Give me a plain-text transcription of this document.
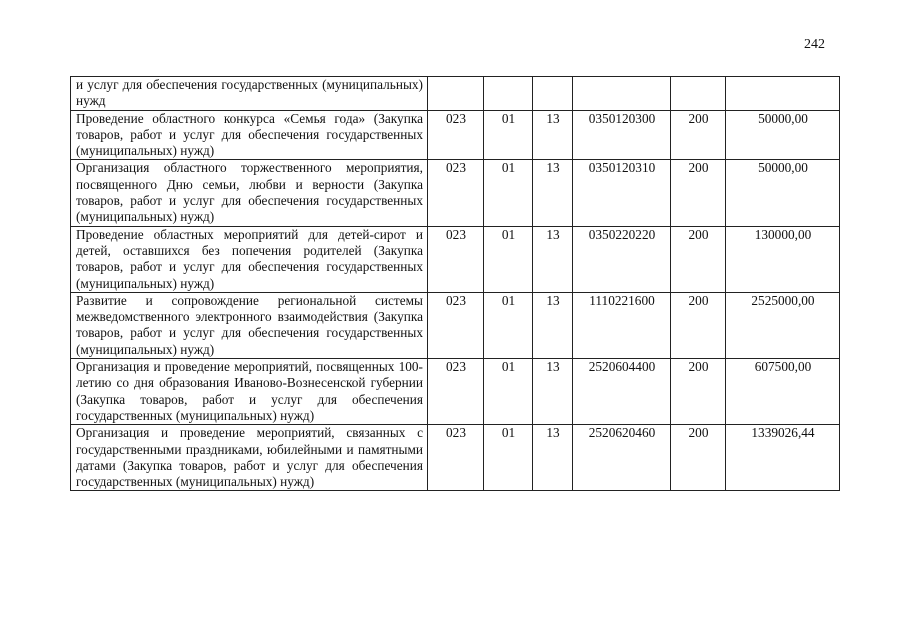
242
и услуг для обеспечения государственных (муниципальных) нужд						
Проведение областного конкурса «Семья года» (Закупка товаров, работ и услуг для обеспечения государственных (муниципальных) нужд)	023	01	13	0350120300	200	50000,00
Организация областного торжественного мероприятия, посвященного Дню семьи, любви и верности (Закупка товаров, работ и услуг для обеспечения государственных (муниципальных) нужд)	023	01	13	0350120310	200	50000,00
Проведение областных мероприятий для детей-сирот и детей, оставшихся без попечения родителей (Закупка товаров, работ и услуг для обеспечения государственных (муниципальных) нужд)	023	01	13	0350220220	200	130000,00
Развитие и сопровождение региональной системы межведомственного электронного взаимодействия (Закупка товаров, работ и услуг для обеспечения государственных (муниципальных) нужд)	023	01	13	1110221600	200	2525000,00
Организация и проведение мероприятий, посвященных 100-летию со дня образования Иваново-Вознесенской губернии (Закупка товаров, работ и услуг для обеспечения государственных (муниципальных) нужд)	023	01	13	2520604400	200	607500,00
Организация и проведение мероприятий, связанных с государственными праздниками, юбилейными и памятными датами (Закупка товаров, работ и услуг для обеспечения государственных (муниципальных) нужд)	023	01	13	2520620460	200	1339026,44
